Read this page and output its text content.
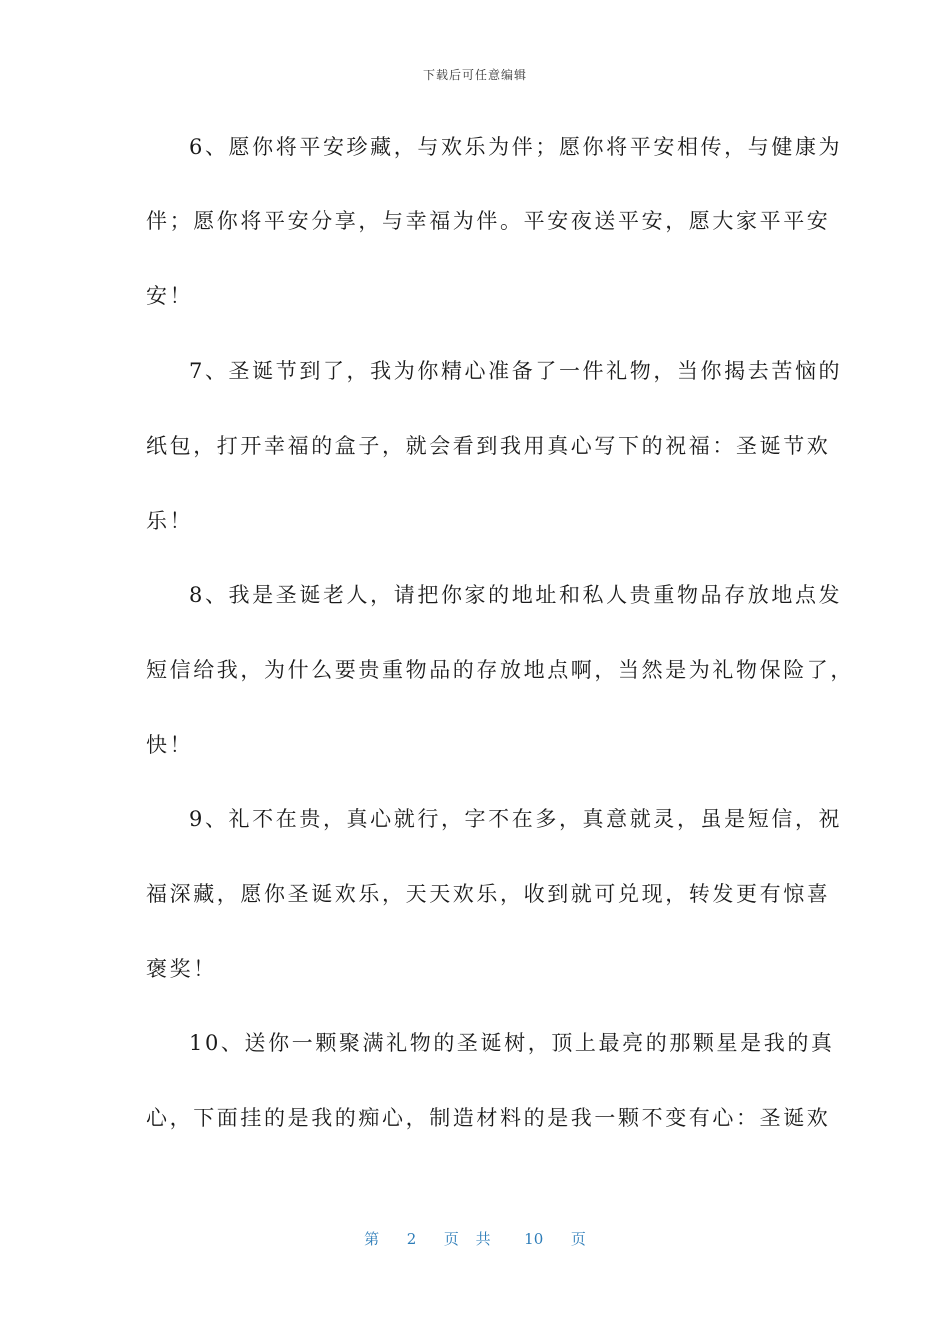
下载后可任意编辑
6、愿你将平安珍藏，与欢乐为伴；愿你将平安相传，与健康为
伴；愿你将平安分享，与幸福为伴。平安夜送平安，愿大家平平安
安！
7、圣诞节到了，我为你精心准备了一件礼物，当你揭去苦恼的
纸包，打开幸福的盒子，就会看到我用真心写下的祝福：圣诞节欢
乐！
8、我是圣诞老人，请把你家的地址和私人贵重物品存放地点发
短信给我，为什么要贵重物品的存放地点啊，当然是为礼物保险了，
快！
9、礼不在贵，真心就行，字不在多，真意就灵，虽是短信，祝
福深藏，愿你圣诞欢乐，天天欢乐，收到就可兑现，转发更有惊喜
褒奖！
10、送你一颗聚满礼物的圣诞树，顶上最亮的那颗星是我的真
心，下面挂的是我的痴心，制造材料的是我一颗不变有心：圣诞欢
第 2 页 共 10 页
